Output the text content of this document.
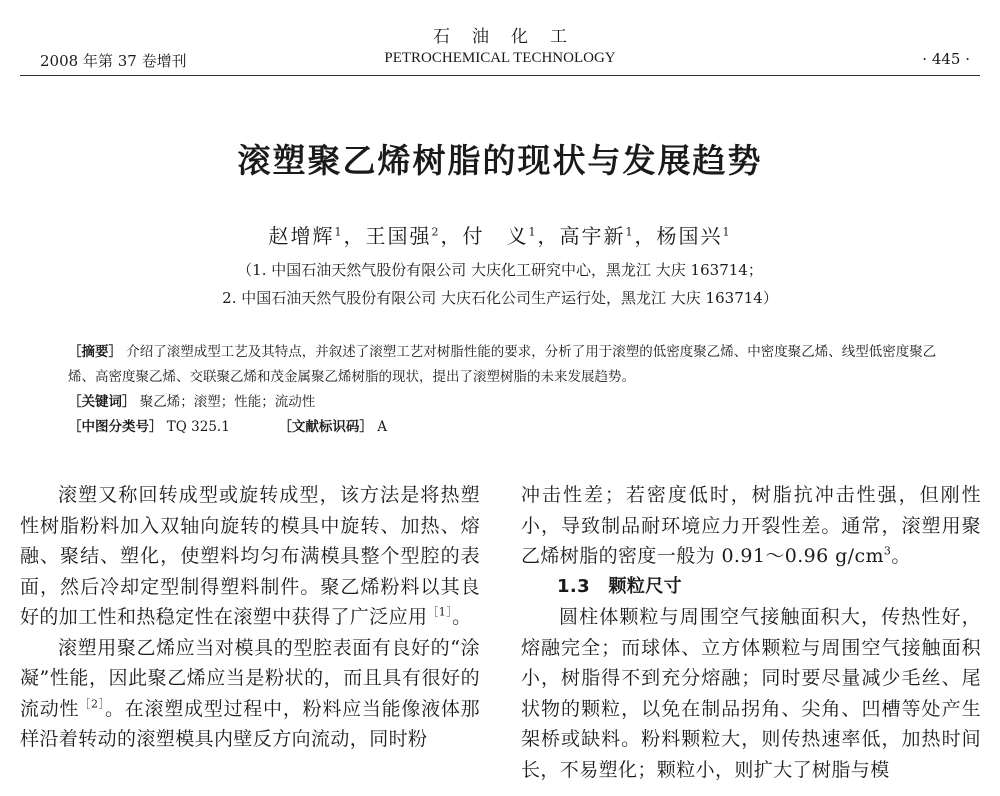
石油化工
2008 年第 37 卷增刊	PETROCHEMICAL TECHNOLOGY	· 445 ·
滚塑聚乙烯树脂的现状与发展趋势
赵增辉$^1$，王国强$^2$，付　义$^1$，高宇新$^1$，杨国兴$^1$
（1. 中国石油天然气股份有限公司 大庆化工研究中心，黑龙江 大庆 163714；
2. 中国石油天然气股份有限公司 大庆石化公司生产运行处，黑龙江 大庆 163714）
［摘要］ 介绍了滚塑成型工艺及其特点，并叙述了滚塑工艺对树脂性能的要求，分析了用于滚塑的低密度聚乙烯、中密度聚乙烯、线型低密度聚乙烯、高密度聚乙烯、交联聚乙烯和茂金属聚乙烯树脂的现状，提出了滚塑树脂的未来发展趋势。
［关键词］ 聚乙烯；滚塑；性能；流动性
［中图分类号］ TQ 325.1	［文献标识码］ A

滚塑又称回转成型或旋转成型，该方法是将热塑性树脂粉料加入双轴向旋转的模具中旋转、加热、熔融、聚结、塑化，使塑料均匀布满模具整个型腔的表面，然后冷却定型制得塑料制件。聚乙烯粉料以其良好的加工性和热稳定性在滚塑中获得了广泛应用$^{[1]}$。

滚塑用聚乙烯应当对模具的型腔表面有良好的“涂凝”性能，因此聚乙烯应当是粉状的，而且具有很好的流动性$^{[2]}$。在滚塑成型过程中，粉料应当能像液体那样沿着转动的滚塑模具内壁反方向流动，同时粉

冲击性差；若密度低时，树脂抗冲击性强，但刚性小，导致制品耐环境应力开裂性差。通常，滚塑用聚乙烯树脂的密度一般为 0.91～0.96 $g/cm^3$。

1.3　颗粒尺寸

圆柱体颗粒与周围空气接触面积大，传热性好，熔融完全；而球体、立方体颗粒与周围空气接触面积小，树脂得不到充分熔融；同时要尽量减少毛丝、尾状物的颗粒，以免在制品拐角、尖角、凹槽等处产生架桥或缺料。粉料颗粒大，则传热速率低，加热时间长，不易塑化；颗粒小，则扩大了树脂与模
